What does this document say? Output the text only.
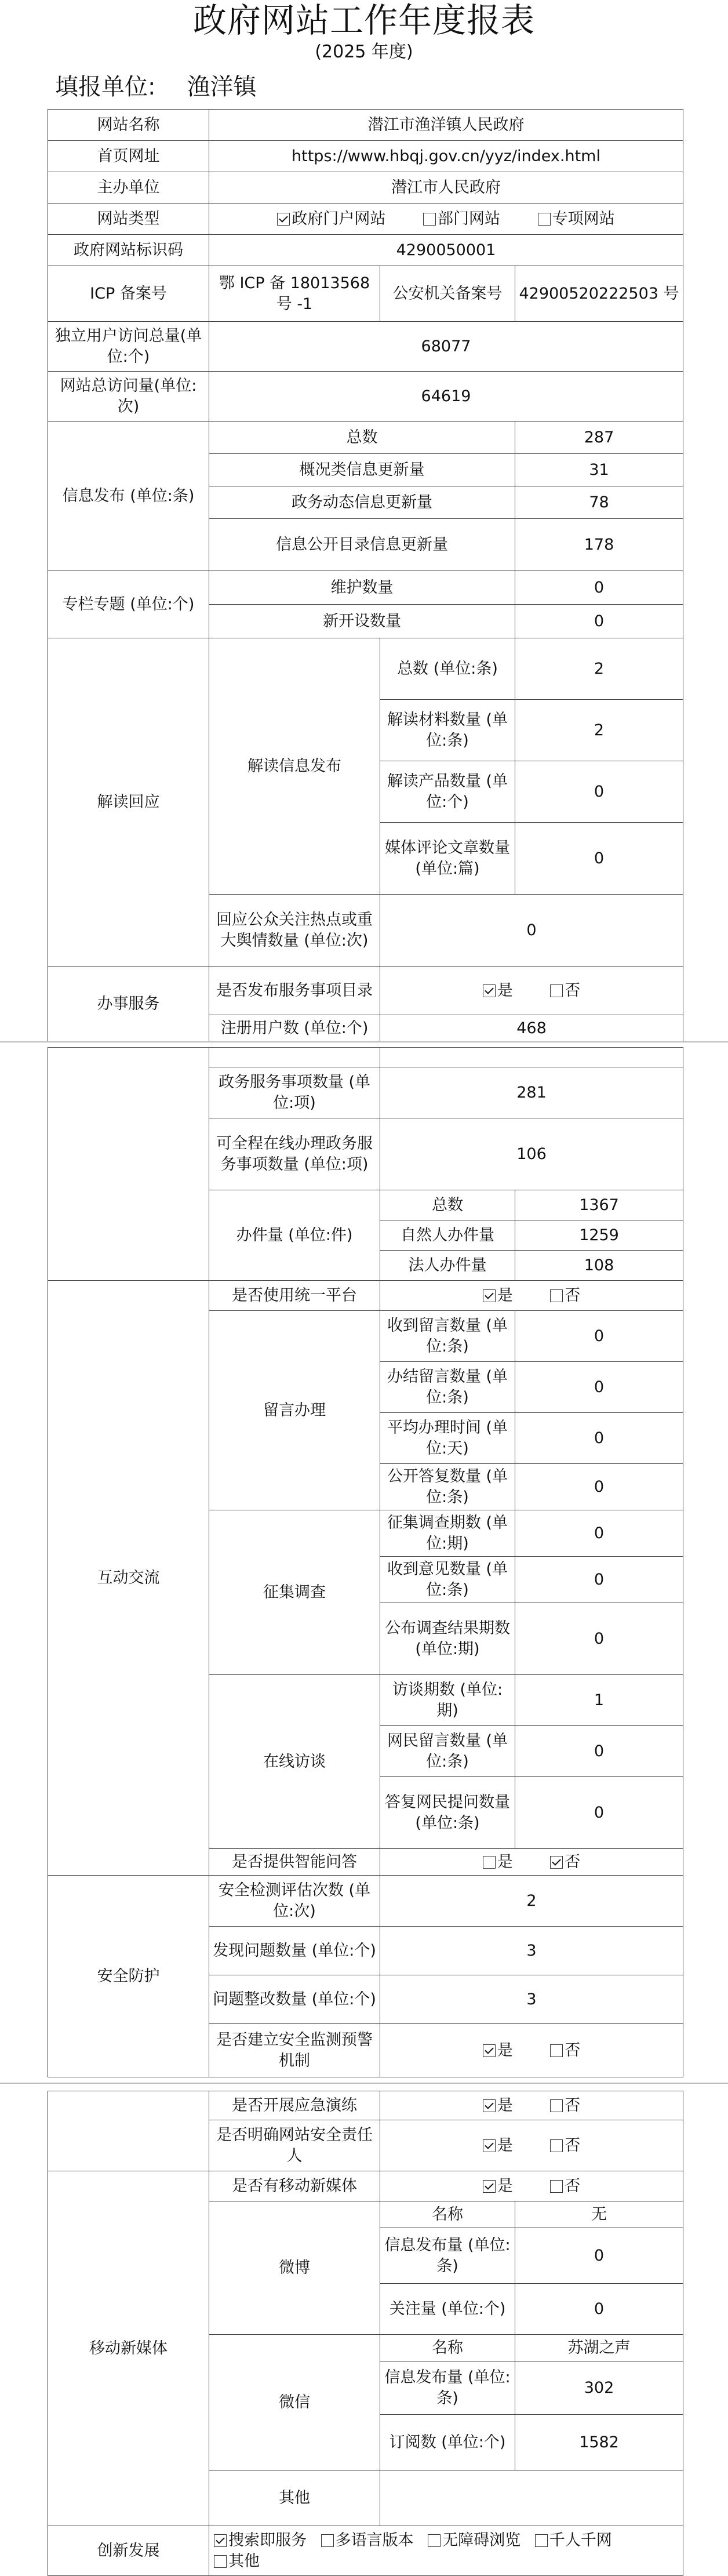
政府网站工作年度报表
(2025 年度)
填报单位: 渔洋镇
网站名称	潜江市渔洋镇人民政府		
首页网址	https://www.hbqj.gov.cn/yyz/index.html		
主办单位	潜江市人民政府		
网站类型	政府门户网站 部门网站 专项网站		
政府网站标识码	4290050001		
ICP 备案号	鄂 ICP 备 18013568 号 -1	公安机关备案号	42900520222503 号
独立用户访问总量(单位:个)	68077		
网站总访问量(单位:次)	64619		
信息发布 (单位:条)	总数		287
	概况类信息更新量		31
	政务动态信息更新量		78
	信息公开目录信息更新量		178
专栏专题 (单位:个)	维护数量		0
	新开设数量		0
解读回应	解读信息发布	总数 (单位:条)	2
		解读材料数量 (单位:条)	2
		解读产品数量 (单位:个)	0
		媒体评论文章数量 (单位:篇)	0
	回应公众关注热点或重大舆情数量 (单位:次)	0	
办事服务	是否发布服务事项目录	是 否	
	注册用户数 (单位:个)	468	

	政务服务事项数量 (单位:项)	281	
	可全程在线办理政务服务事项数量 (单位:项)	106	
	办件量 (单位:件)	总数	1367
		自然人办件量	1259
		法人办件量	108
互动交流	是否使用统一平台	是 否	
	留言办理	收到留言数量 (单位:条)	0
		办结留言数量 (单位:条)	0
		平均办理时间 (单位:天)	0
		公开答复数量 (单位:条)	0
	征集调查	征集调查期数 (单位:期)	0
		收到意见数量 (单位:条)	0
		公布调查结果期数 (单位:期)	0
	在线访谈	访谈期数 (单位:期)	1
		网民留言数量 (单位:条)	0
		答复网民提问数量 (单位:条)	0
	是否提供智能问答	是 否	
安全防护	安全检测评估次数 (单位:次)	2	
	发现问题数量 (单位:个)	3	
	问题整改数量 (单位:个)	3	
	是否建立安全监测预警机制	是 否	
	是否开展应急演练	是 否	
	是否明确网站安全责任人	是 否	
移动新媒体	是否有移动新媒体	是 否	
	微博	名称	无
		信息发布量 (单位:条)	0
		关注量 (单位:个)	0
	微信	名称	苏湖之声
		信息发布量 (单位:条)	302
		订阅数 (单位:个)	1582
	其他		
创新发展	搜索即服务 多语言版本 无障碍浏览 千人千网
其他		
